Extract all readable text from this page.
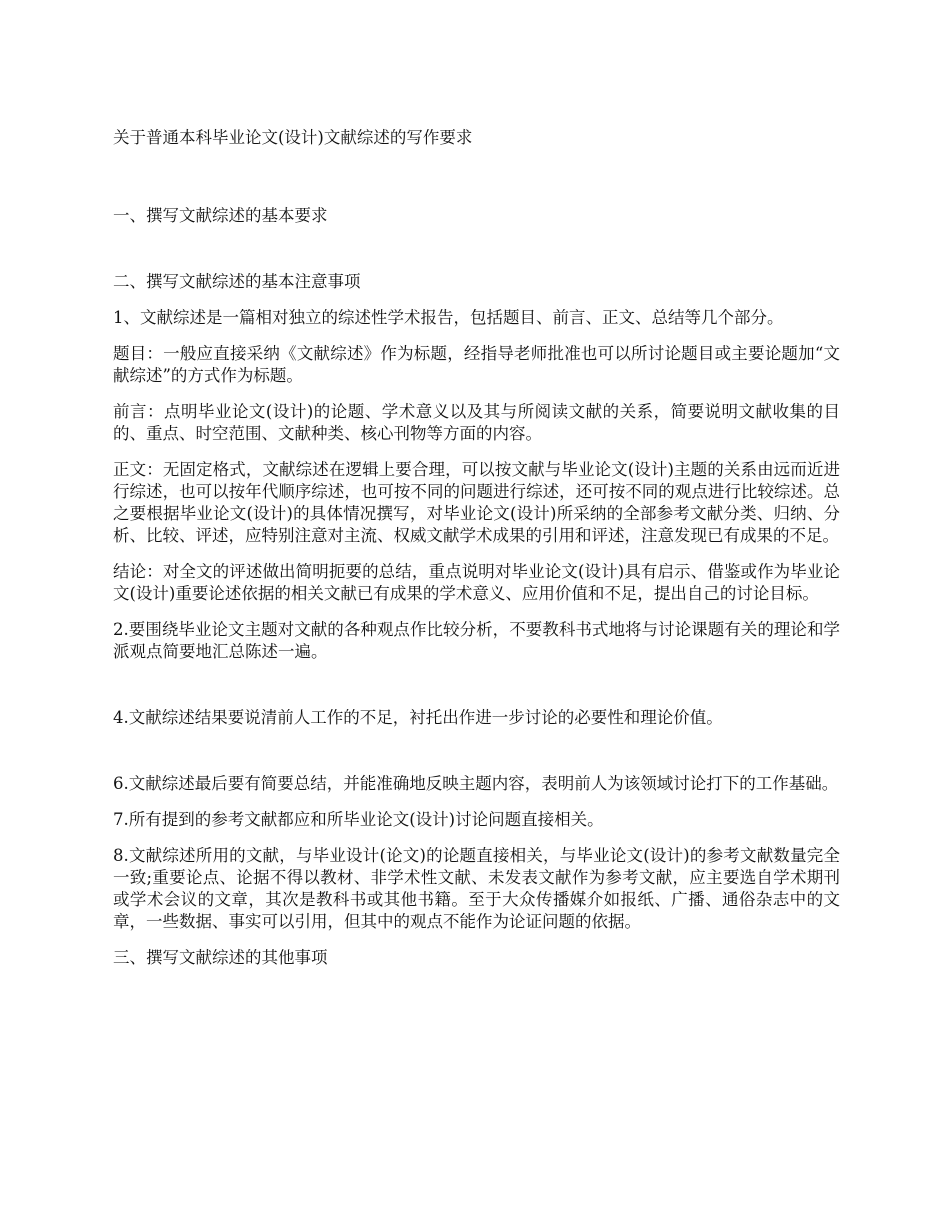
关于普通本科毕业论文(设计)文献综述的写作要求

一、撰写文献综述的基本要求

二、撰写文献综述的基本注意事项

1、文献综述是一篇相对独立的综述性学术报告，包括题目、前言、正文、总结等几个部分。

题目：一般应直接采纳《文献综述》作为标题，经指导老师批准也可以所讨论题目或主要论题加“文献综述”的方式作为标题。

前言：点明毕业论文(设计)的论题、学术意义以及其与所阅读文献的关系，简要说明文献收集的目的、重点、时空范围、文献种类、核心刊物等方面的内容。

正文：无固定格式，文献综述在逻辑上要合理，可以按文献与毕业论文(设计)主题的关系由远而近进行综述，也可以按年代顺序综述，也可按不同的问题进行综述，还可按不同的观点进行比较综述。总之要根据毕业论文(设计)的具体情况撰写，对毕业论文(设计)所采纳的全部参考文献分类、归纳、分析、比较、评述，应特别注意对主流、权威文献学术成果的引用和评述，注意发现已有成果的不足。

结论：对全文的评述做出简明扼要的总结，重点说明对毕业论文(设计)具有启示、借鉴或作为毕业论文(设计)重要论述依据的相关文献已有成果的学术意义、应用价值和不足，提出自己的讨论目标。

2.要围绕毕业论文主题对文献的各种观点作比较分析，不要教科书式地将与讨论课题有关的理论和学派观点简要地汇总陈述一遍。

4.文献综述结果要说清前人工作的不足，衬托出作进一步讨论的必要性和理论价值。

6.文献综述最后要有简要总结，并能准确地反映主题内容，表明前人为该领域讨论打下的工作基础。

7.所有提到的参考文献都应和所毕业论文(设计)讨论问题直接相关。

8.文献综述所用的文献，与毕业设计(论文)的论题直接相关，与毕业论文(设计)的参考文献数量完全一致;重要论点、论据不得以教材、非学术性文献、未发表文献作为参考文献，应主要选自学术期刊或学术会议的文章，其次是教科书或其他书籍。至于大众传播媒介如报纸、广播、通俗杂志中的文章，一些数据、事实可以引用，但其中的观点不能作为论证问题的依据。

三、撰写文献综述的其他事项
